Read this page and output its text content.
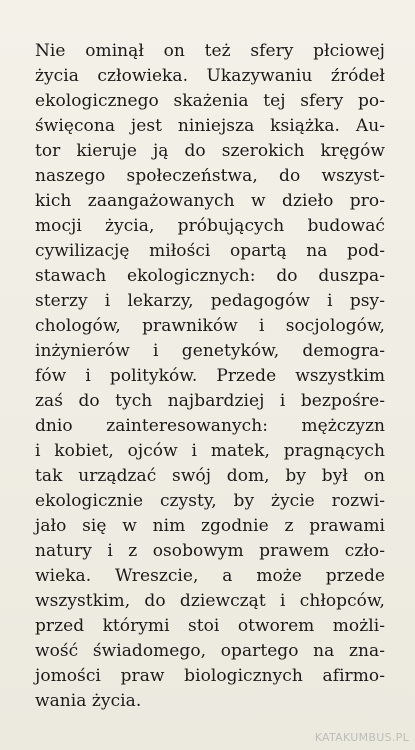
Nie ominął on też sfery płciowej
życia człowieka. Ukazywaniu źródeł
ekologicznego skażenia tej sfery po-
święcona jest niniejsza książka. Au-
tor kieruje ją do szerokich kręgów
naszego społeczeństwa, do wszyst-
kich zaangażowanych w dzieło pro-
mocji życia, próbujących budować
cywilizację miłości opartą na pod-
stawach ekologicznych: do duszpa-
sterzy i lekarzy, pedagogów i psy-
chologów, prawników i socjologów,
inżynierów i genetyków, demogra-
fów i polityków. Przede wszystkim
zaś do tych najbardziej i bezpośre-
dnio zainteresowanych: mężczyzn
i kobiet, ojców i matek, pragnących
tak urządzać swój dom, by był on
ekologicznie czysty, by życie rozwi-
jało się w nim zgodnie z prawami
natury i z osobowym prawem czło-
wieka. Wreszcie, a może przede
wszystkim, do dziewcząt i chłopców,
przed którymi stoi otworem możli-
wość świadomego, opartego na zna-
jomości praw biologicznych afirmo-
wania życia.
KATAKUMBUS.PL
